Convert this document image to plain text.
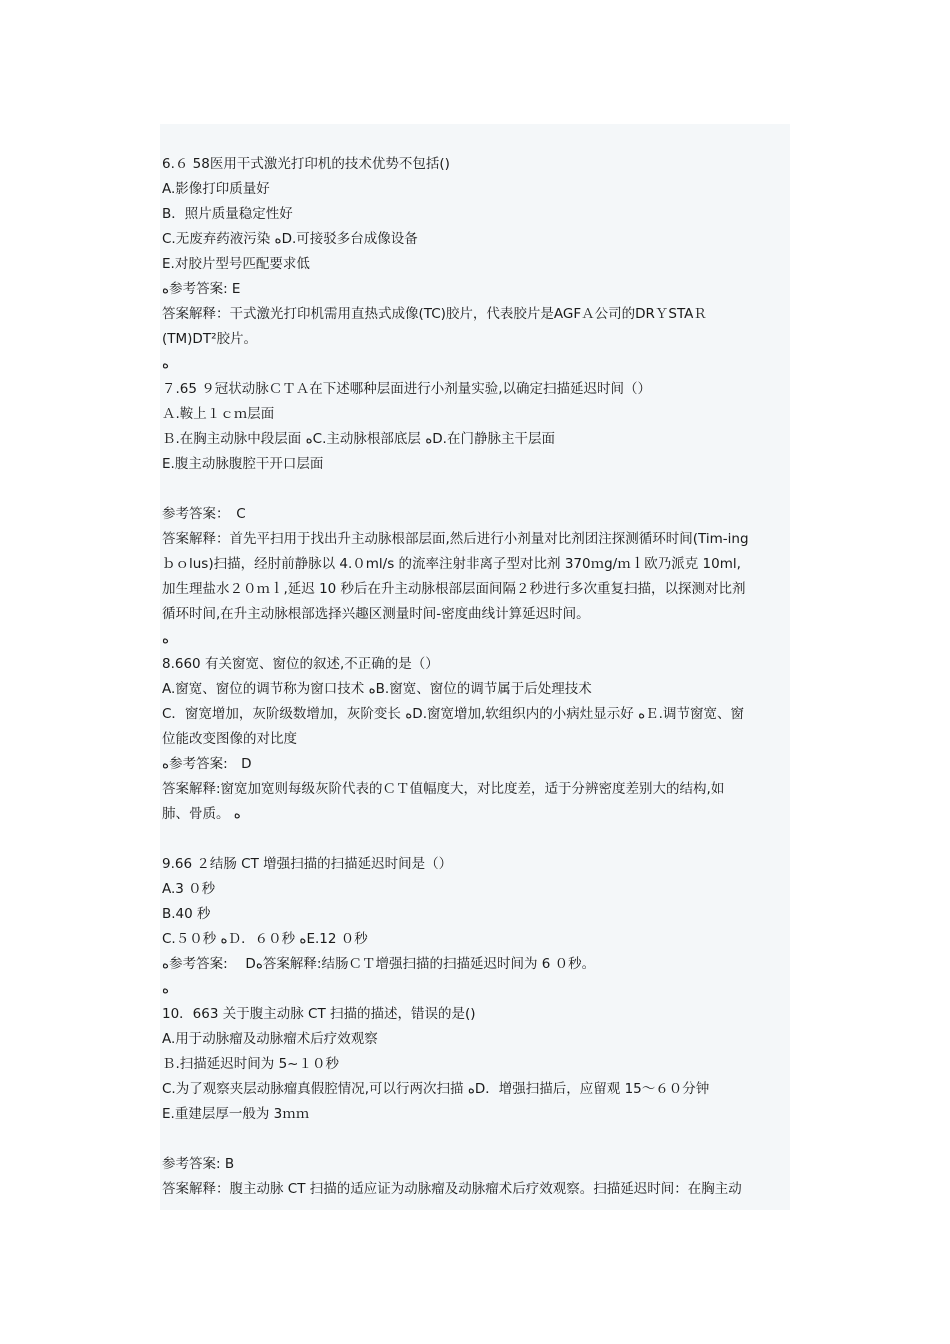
6.６ 58医用干式激光打印机的技术优势不包括()
A.影像打印质量好
B．照片质量稳定性好
C.无废弃药液污染 ﻩD.可接驳多台成像设备
E.对胶片型号匹配要求低
ﻩ参考答案: E
答案解释：干式激光打印机需用直热式成像(TC)胶片，代表胶片是AGFＡ公司的DRＹSTAＲ
(TM)DT²胶片。
ﻩ
７.65 ９冠状动脉ＣＴＡ在下述哪种层面进行小剂量实验,以确定扫描延迟时间（）
Ａ.鞍上１ｃｍ层面
Ｂ.在胸主动脉中段层面 ﻩC.主动脉根部底层 ﻩD.在门静脉主干层面
E.腹主动脉腹腔干开口层面
参考答案：　C
答案解释：首先平扫用于找出升主动脉根部层面,然后进行小剂量对比剂团注探测循环时间(Tim-ing
ｂｏlus)扫描，经肘前静脉以 4.０ml/s 的流率注射非离子型对比剂 370ｍg/ｍｌ欧乃派克 10ml,
加生理盐水２０ｍｌ,延迟 10 秒后在升主动脉根部层面间隔２秒进行多次重复扫描，以探测对比剂
循环时间,在升主动脉根部选择兴趣区测量时间-密度曲线计算延迟时间。
ﻩ
8.660 有关窗宽、窗位的叙述,不正确的是（）
A.窗宽、窗位的调节称为窗口技术 ﻩB.窗宽、窗位的调节属于后处理技术
C．窗宽增加，灰阶级数增加，灰阶变长 ﻩD.窗宽增加,软组织内的小病灶显示好 ﻩＥ.调节窗宽、窗
位能改变图像的对比度
ﻩ参考答案:　D
答案解释:窗宽加宽则每级灰阶代表的ＣＴ值幅度大，对比度差，适于分辨密度差别大的结构,如
肺、骨质。 ﻩ
9.66 ２结肠 CT 增强扫描的扫描延迟时间是（）
A.3 ０秒
B.40 秒
C.５０秒 ﻩＤ．６０秒 ﻩE.12 ０秒
ﻩ参考答案:　 Dﻩ答案解释:结肠ＣＴ增强扫描的扫描延迟时间为 6 ０秒。
ﻩ
10．663 关于腹主动脉 CT 扫描的描述，错误的是()
A.用于动脉瘤及动脉瘤术后疗效观察
Ｂ.扫描延迟时间为 5~１０秒
C.为了观察夹层动脉瘤真假腔情况,可以行两次扫描 ﻩD．增强扫描后，应留观 15～６０分钟
E.重建层厚一般为 3ｍｍ
参考答案: B
答案解释：腹主动脉 CT 扫描的适应证为动脉瘤及动脉瘤术后疗效观察。扫描延迟时间：在胸主动
